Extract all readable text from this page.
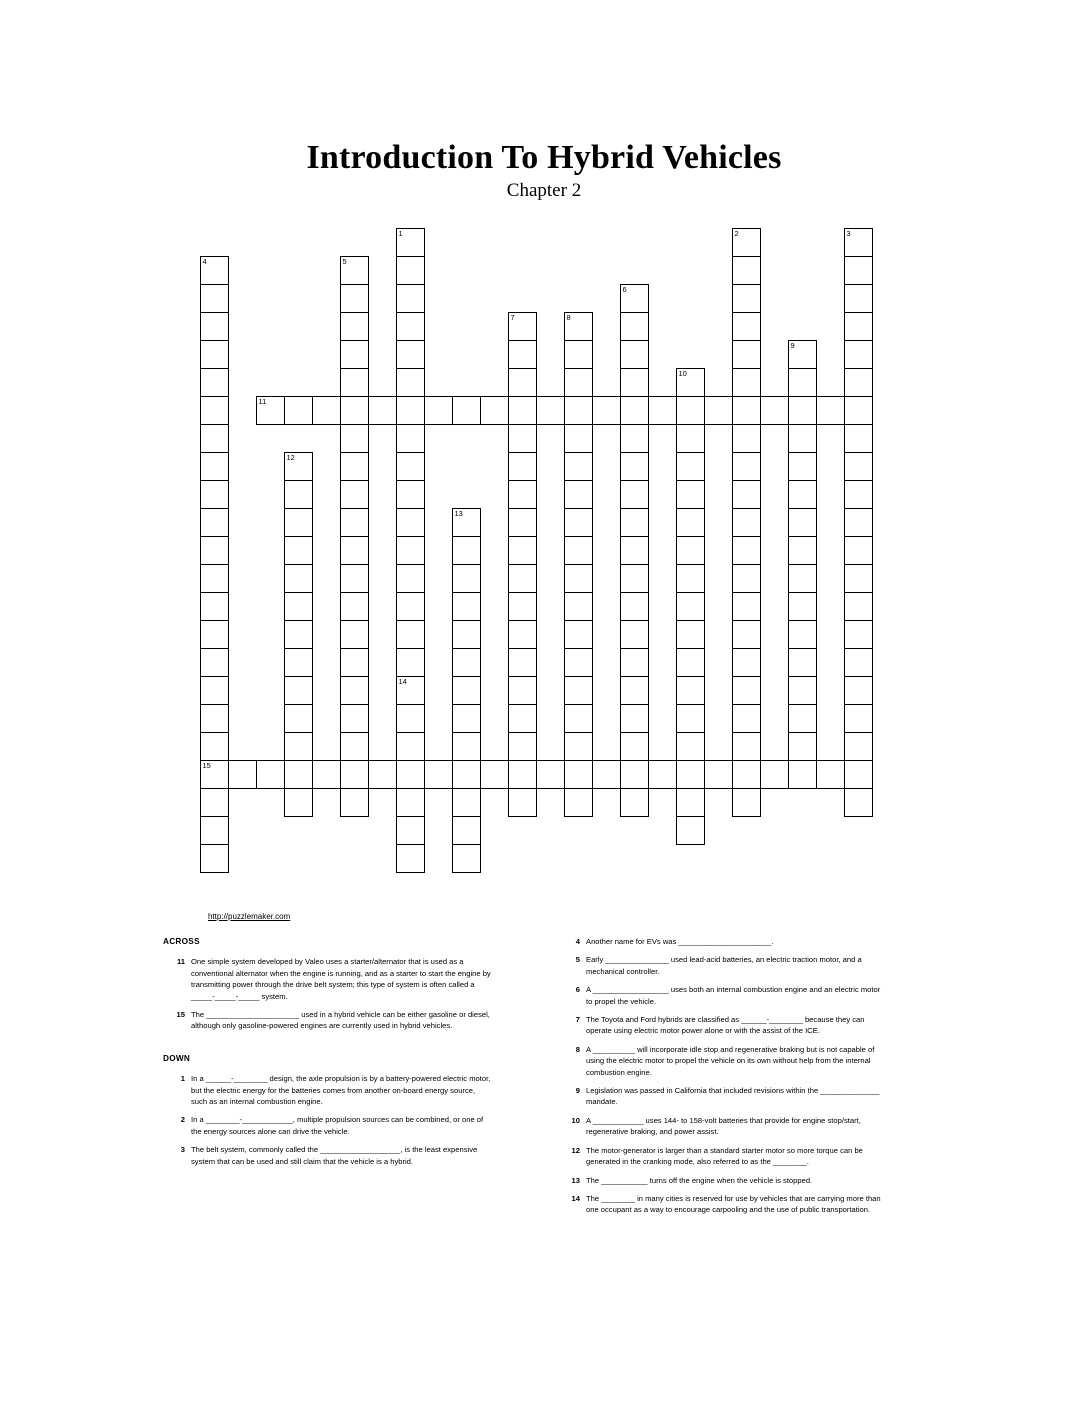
Introduction To Hybrid Vehicles
Chapter 2
1
14
2	3
4
15
5
6
7	8
9
10
11
12
13
http://puzzlemaker.com
ACROSS
11 One simple system developed by Valeo uses a starter/alternator that is used as a conventional alternator when the engine is running, and as a starter to start the engine by transmitting power through the drive belt system; this type of system is often called a _____-_____-_____ system.
15 The ______________________ used in a hybrid vehicle can be either gasoline or diesel, although only gasoline-powered engines are currently used in hybrid vehicles.
DOWN
1 In a ______-________ design, the axle propulsion is by a battery-powered electric motor, but the electric energy for the batteries comes from another on-board energy source, such as an internal combustion engine.
2 In a ________-____________, multiple propulsion sources can be combined, or one of the energy sources alone can drive the vehicle.
3 The belt system, commonly called the ___________________, is the least expensive system that can be used and still claim that the vehicle is a hybrid.
4 Another name for EVs was ______________________.
5 Early _______________ used lead-acid batteries, an electric traction motor, and a mechanical controller.
6 A __________________ uses both an internal combustion engine and an electric motor to propel the vehicle.
7 The Toyota and Ford hybrids are classified as ______-________ because they can operate using electric motor power alone or with the assist of the ICE.
8 A __________ will incorporate idle stop and regenerative braking but is not capable of using the electric motor to propel the vehicle on its own without help from the internal combustion engine.
9 Legislation was passed in California that included revisions within the ______________ mandate.
10 A ____________ uses 144- to 158-volt batteries that provide for engine stop/start, regenerative braking, and power assist.
12 The motor-generator is larger than a standard starter motor so more torque can be generated in the cranking mode, also referred to as the ________.
13 The ___________ turns off the engine when the vehicle is stopped.
14 The ________ in many cities is reserved for use by vehicles that are carrying more than one occupant as a way to encourage carpooling and the use of public transportation.
